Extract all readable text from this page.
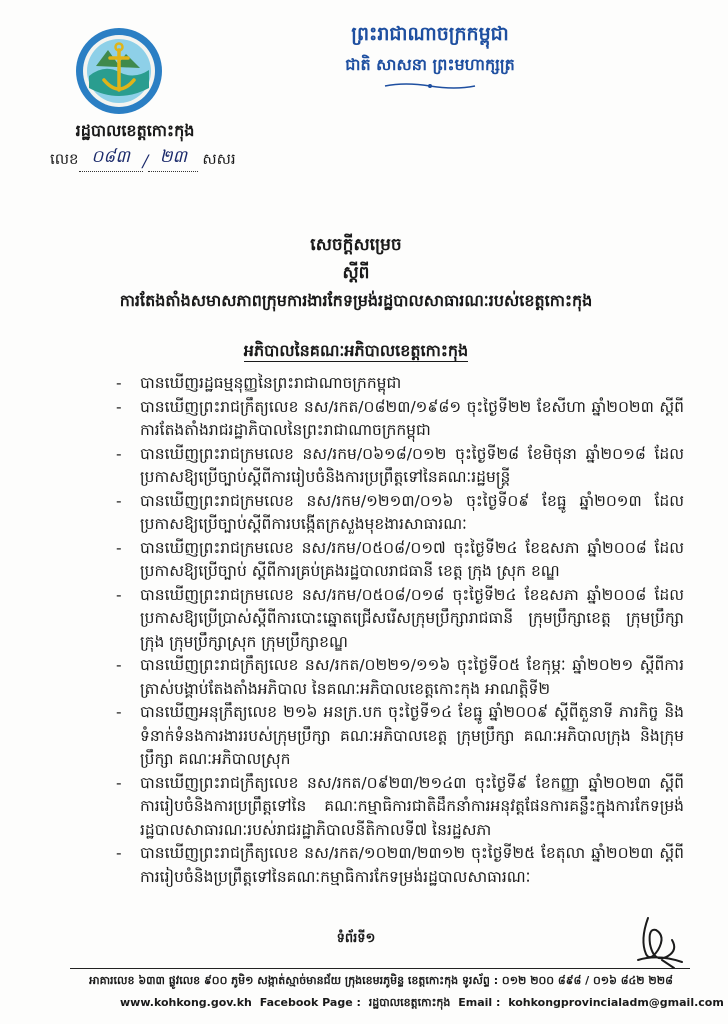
ព្រះរាជាណាចក្រកម្ពុជា
ជាតិ សាសនា ព្រះមហាក្សត្រ
រដ្ឋបាលខេត្តកោះកុង
លេខ ០៨៣ / ២៣	សសរ
សេចក្តីសម្រេច
ស្តីពី
ការតែងតាំងសមាសភាពក្រុមការងារកែទម្រង់រដ្ឋបាលសាធារណៈរបស់ខេត្តកោះកុង
អភិបាលនៃគណៈអភិបាលខេត្តកោះកុង
- បានឃើញរដ្ឋធម្មនុញ្ញនៃព្រះរាជាណាចក្រកម្ពុជា
- បានឃើញព្រះរាជក្រឹត្យលេខ នស/រកត/០៨២៣/១៩៨១ ចុះថ្ងៃទី២២ ខែសីហា ឆ្នាំ២០២៣ ស្តីពីការតែងតាំងរាជរដ្ឋាភិបាលនៃព្រះរាជាណាចក្រកម្ពុជា
- បានឃើញព្រះរាជក្រមលេខ នស/រកម/០៦១៨/០១២ ចុះថ្ងៃទី២៨ ខែមិថុនា ឆ្នាំ២០១៨ ដែលប្រកាសឱ្យប្រើច្បាប់ស្តីពីការរៀបចំនិងការប្រព្រឹត្តទៅនៃគណៈរដ្ឋមន្ត្រី
- បានឃើញព្រះរាជក្រមលេខ នស/រកម/១២១៣/០១៦ ចុះថ្ងៃទី០៩ ខែធ្នូ ឆ្នាំ២០១៣ ដែលប្រកាសឱ្យប្រើច្បាប់ស្តីពីការបង្កើតក្រសួងមុខងារសាធារណៈ
- បានឃើញព្រះរាជក្រមលេខ នស/រកម/០៥០៨/០១៧ ចុះថ្ងៃទី២៤ ខែឧសភា ឆ្នាំ២០០៨ ដែលប្រកាសឱ្យប្រើច្បាប់ ស្តីពីការគ្រប់គ្រងរដ្ឋបាលរាជធានី ខេត្ត ក្រុង ស្រុក ខណ្ឌ
- បានឃើញព្រះរាជក្រមលេខ នស/រកម/០៥០៨/០១៨ ចុះថ្ងៃទី២៤ ខែឧសភា ឆ្នាំ២០០៨ ដែលប្រកាសឱ្យប្រើប្រាស់ស្តីពីការបោះឆ្នោតជ្រើសរើសក្រុមប្រឹក្សារាជធានី ក្រុមប្រឹក្សាខេត្ត ក្រុមប្រឹក្សាក្រុង ក្រុមប្រឹក្សាស្រុក ក្រុមប្រឹក្សាខណ្ឌ
- បានឃើញព្រះរាជក្រឹត្យលេខ នស/រកត/០២២១/១១៦ ចុះថ្ងៃទី០៥ ខែកុម្ភៈ ឆ្នាំ២០២១ ស្តីពីការត្រាស់បង្គាប់តែងតាំងអភិបាល នៃគណៈអភិបាលខេត្តកោះកុង អាណត្តិទី២
- បានឃើញអនុក្រឹត្យលេខ ២១៦ អនក្រ.បក ចុះថ្ងៃទី១៤ ខែធ្នូ ឆ្នាំ២០០៩ ស្តីពីតួនាទី ភារកិច្ច និងទំនាក់ទំនងការងាររបស់ក្រុមប្រឹក្សា គណៈអភិបាលខេត្ត ក្រុមប្រឹក្សា គណៈអភិបាលក្រុង និងក្រុមប្រឹក្សា គណៈអភិបាលស្រុក
- បានឃើញព្រះរាជក្រឹត្យលេខ នស/រកត/០៩២៣/២១៤៣ ចុះថ្ងៃទី៩ ខែកញ្ញា ឆ្នាំ២០២៣ ស្តីពីការរៀបចំនិងការប្រព្រឹត្តទៅនៃ គណៈកម្មាធិការជាតិដឹកនាំការអនុវត្តផែនការគន្លឹះក្នុងការកែទម្រង់រដ្ឋបាលសាធារណៈរបស់រាជរដ្ឋាភិបាលនីតិកាលទី៧ នៃរដ្ឋសភា
- បានឃើញព្រះរាជក្រឹត្យលេខ នស/រកត/១០២៣/២៣១២ ចុះថ្ងៃទី២៥ ខែតុលា ឆ្នាំ២០២៣ ស្តីពីការរៀបចំនិងប្រព្រឹត្តទៅនៃគណៈកម្មាធិការកែទម្រង់រដ្ឋបាលសាធារណៈ
ទំព័រទី១
អាគារលេខ ៦៣៣ ផ្លូវលេខ ៩០០ ភូមិ១ សង្កាត់ស្មាច់មានជ័យ ក្រុងខេមរភូមិន្ទ ខេត្តកោះកុង ទូរស័ព្ទ : ០១២ ២០០ ៨៩៨ / ០១៦ ៨៤២ ២២៨
www.kohkong.gov.kh Facebook Page : រដ្ឋបាលខេត្តកោះកុង Email : kohkongprovincialadm@gmail.com
